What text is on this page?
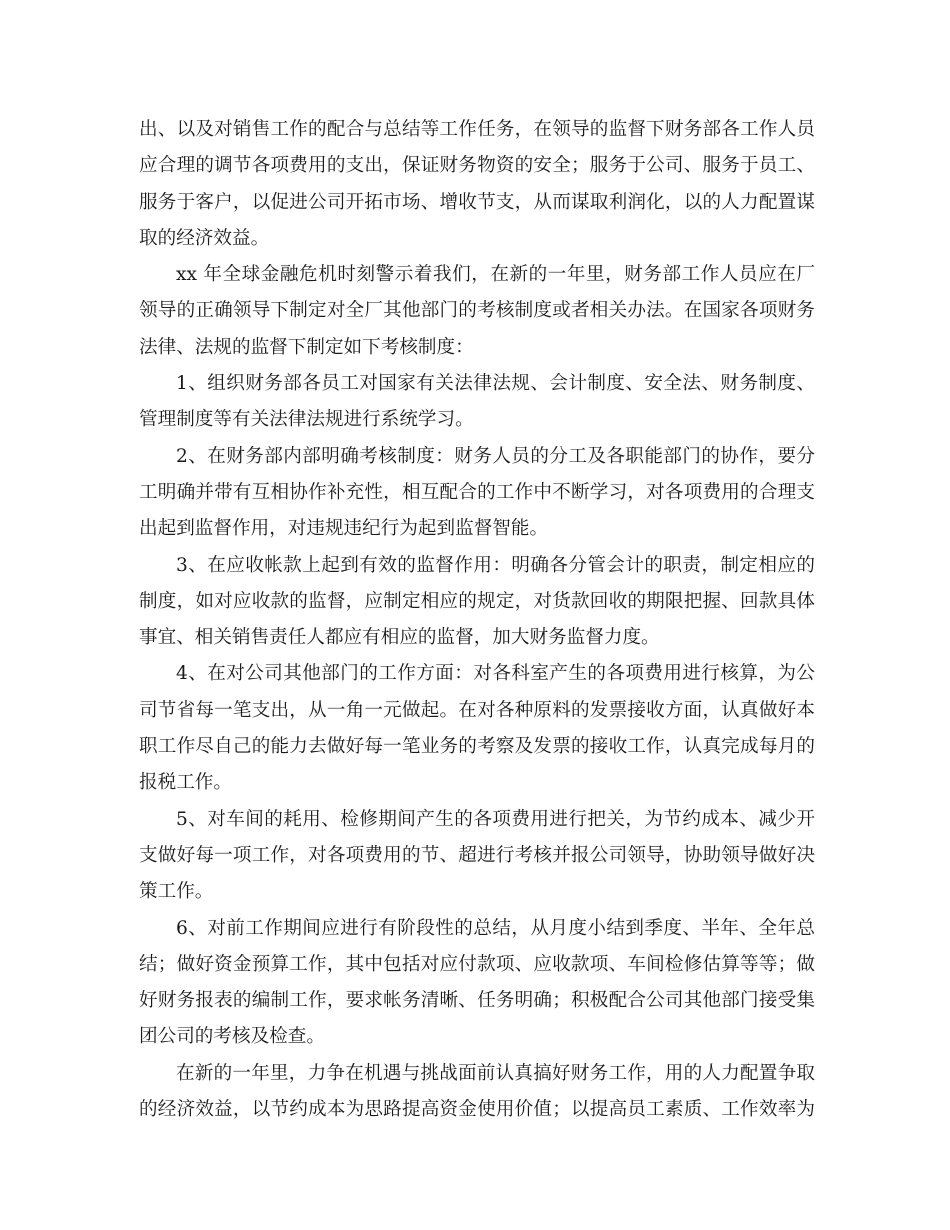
出、以及对销售工作的配合与总结等工作任务，在领导的监督下财务部各工作人员
应合理的调节各项费用的支出，保证财务物资的安全；服务于公司、服务于员工、
服务于客户，以促进公司开拓市场、增收节支，从而谋取利润化，以的人力配置谋
取的经济效益。
xx 年全球金融危机时刻警示着我们，在新的一年里，财务部工作人员应在厂
领导的正确领导下制定对全厂其他部门的考核制度或者相关办法。在国家各项财务
法律、法规的监督下制定如下考核制度：
1、组织财务部各员工对国家有关法律法规、会计制度、安全法、财务制度、
管理制度等有关法律法规进行系统学习。
2、在财务部内部明确考核制度：财务人员的分工及各职能部门的协作，要分
工明确并带有互相协作补充性，相互配合的工作中不断学习，对各项费用的合理支
出起到监督作用，对违规违纪行为起到监督智能。
3、在应收帐款上起到有效的监督作用：明确各分管会计的职责，制定相应的
制度，如对应收款的监督，应制定相应的规定，对货款回收的期限把握、回款具体
事宜、相关销售责任人都应有相应的监督，加大财务监督力度。
4、在对公司其他部门的工作方面：对各科室产生的各项费用进行核算，为公
司节省每一笔支出，从一角一元做起。在对各种原料的发票接收方面，认真做好本
职工作尽自己的能力去做好每一笔业务的考察及发票的接收工作，认真完成每月的
报税工作。
5、对车间的耗用、检修期间产生的各项费用进行把关，为节约成本、减少开
支做好每一项工作，对各项费用的节、超进行考核并报公司领导，协助领导做好决
策工作。
6、对前工作期间应进行有阶段性的总结，从月度小结到季度、半年、全年总
结；做好资金预算工作，其中包括对应付款项、应收款项、车间检修估算等等；做
好财务报表的编制工作，要求帐务清晰、任务明确；积极配合公司其他部门接受集
团公司的考核及检查。
在新的一年里，力争在机遇与挑战面前认真搞好财务工作，用的人力配置争取
的经济效益，以节约成本为思路提高资金使用价值；以提高员工素质、工作效率为
